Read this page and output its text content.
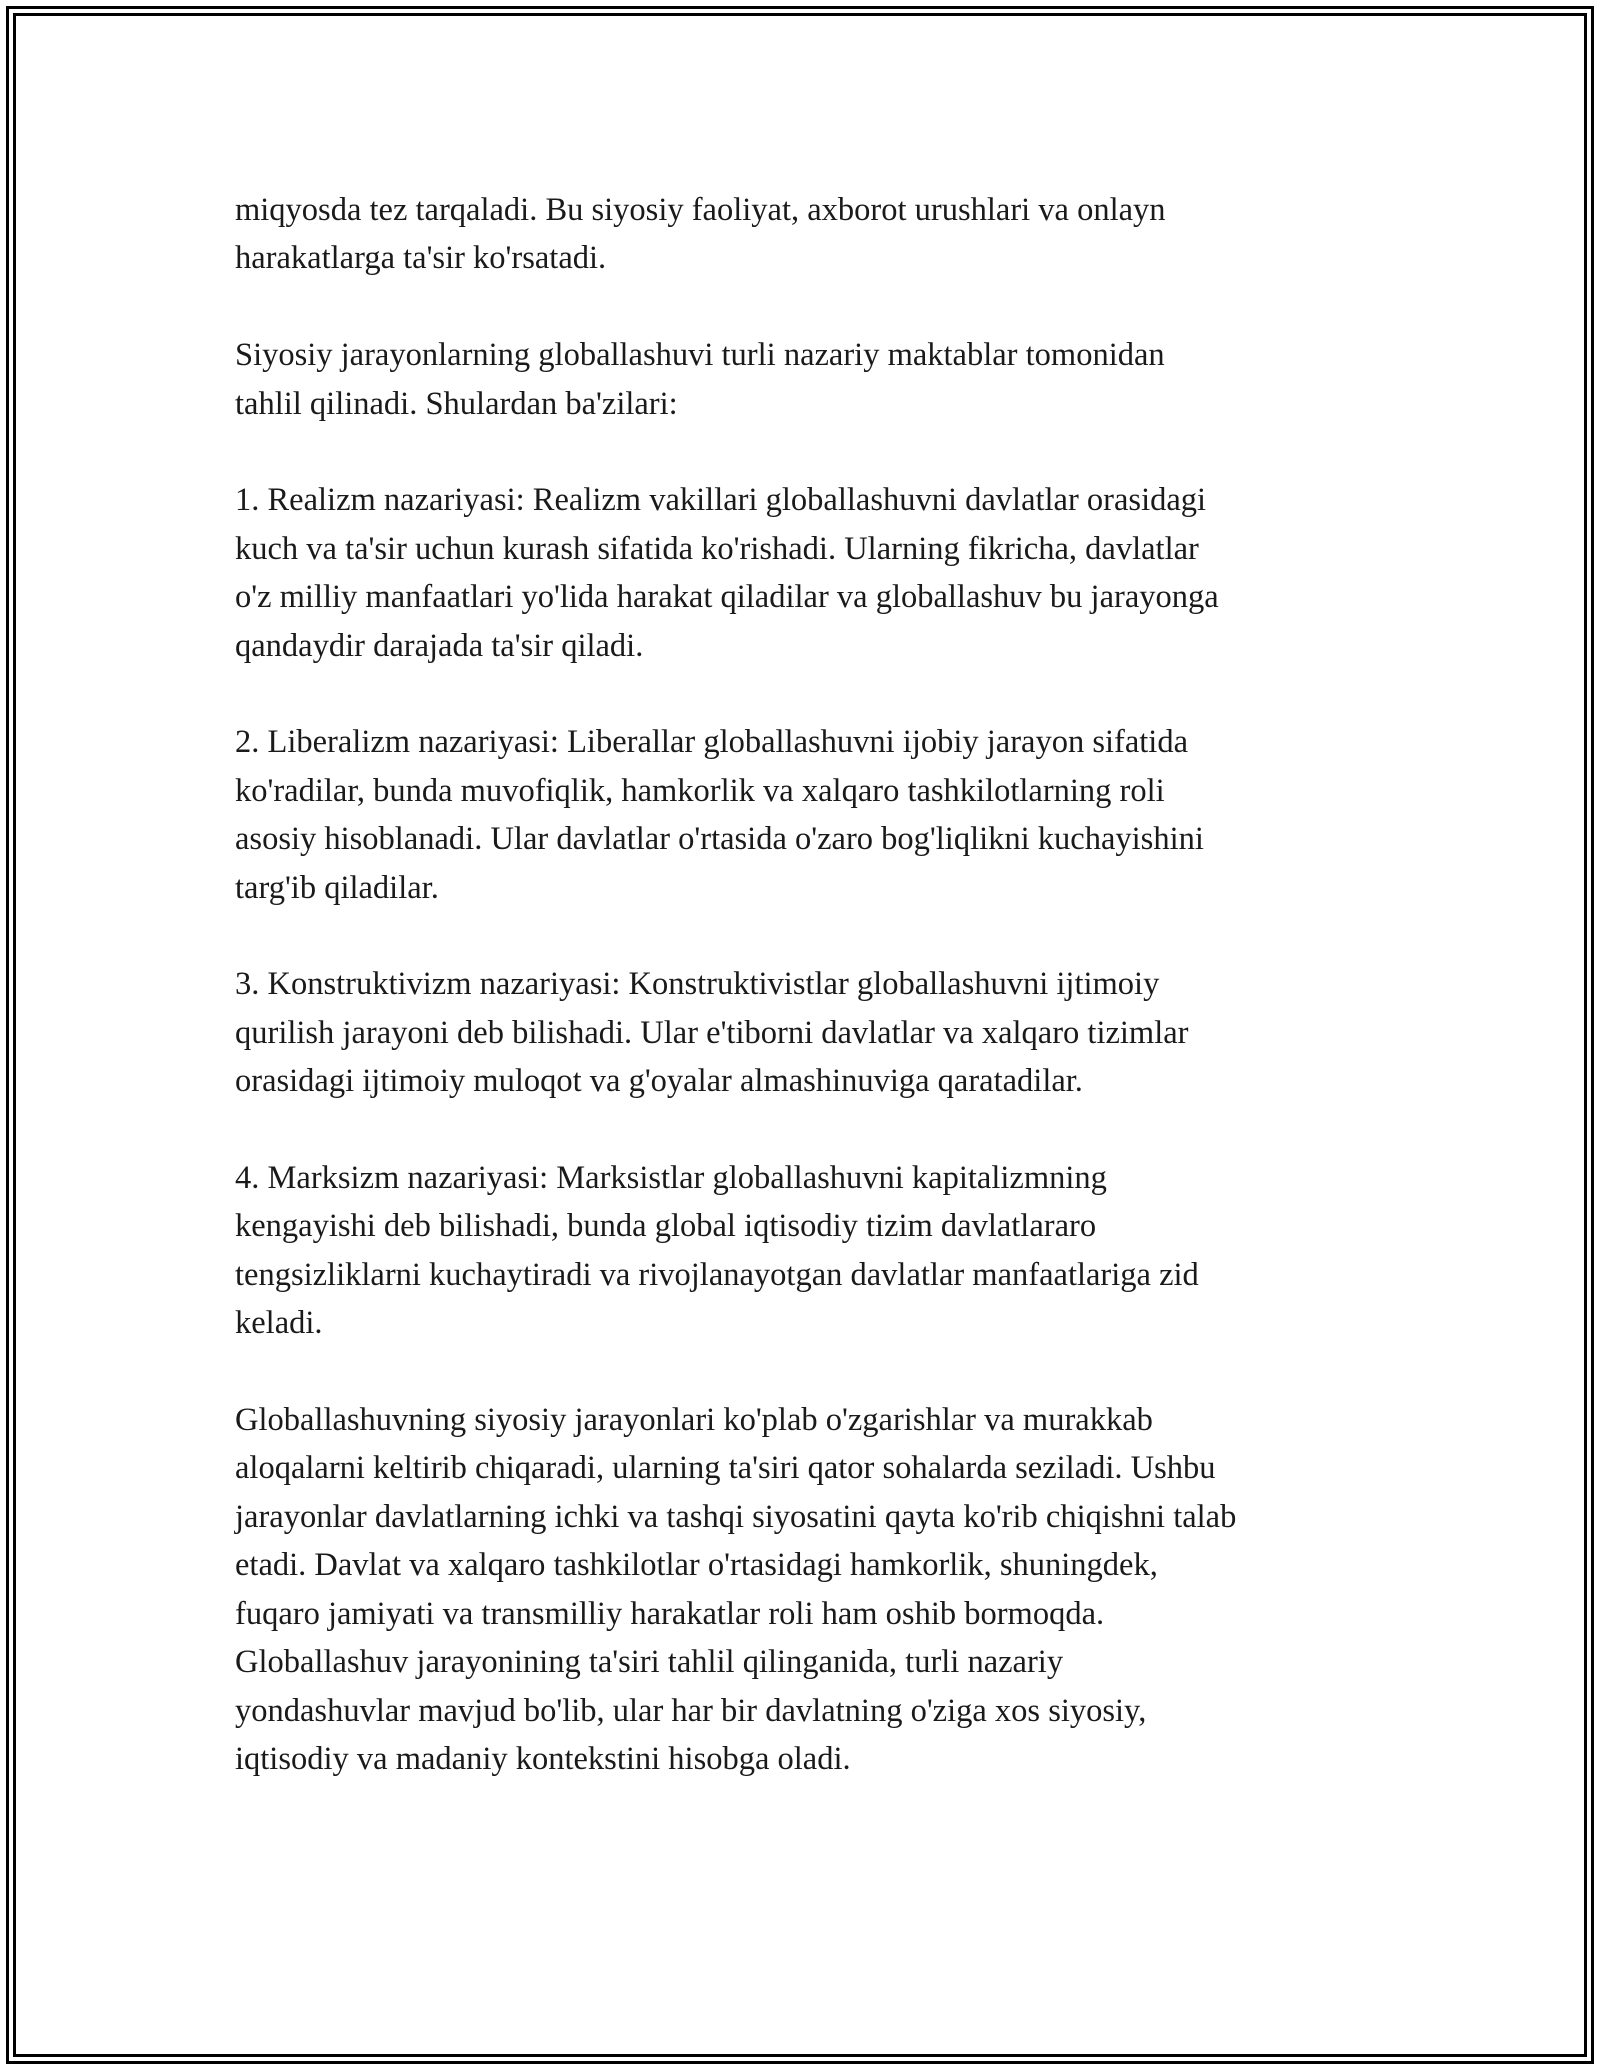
miqyosda tez tarqaladi. Bu siyosiy faoliyat, axborot urushlari va onlayn
harakatlarga ta'sir ko'rsatadi.
Siyosiy jarayonlarning globallashuvi turli nazariy maktablar tomonidan
tahlil qilinadi. Shulardan ba'zilari:
1. Realizm nazariyasi: Realizm vakillari globallashuvni davlatlar orasidagi
kuch va ta'sir uchun kurash sifatida ko'rishadi. Ularning fikricha, davlatlar
o'z milliy manfaatlari yo'lida harakat qiladilar va globallashuv bu jarayonga
qandaydir darajada ta'sir qiladi.
2. Liberalizm nazariyasi: Liberallar globallashuvni ijobiy jarayon sifatida
ko'radilar, bunda muvofiqlik, hamkorlik va xalqaro tashkilotlarning roli
asosiy hisoblanadi. Ular davlatlar o'rtasida o'zaro bog'liqlikni kuchayishini
targ'ib qiladilar.
3. Konstruktivizm nazariyasi: Konstruktivistlar globallashuvni ijtimoiy
qurilish jarayoni deb bilishadi. Ular e'tiborni davlatlar va xalqaro tizimlar
orasidagi ijtimoiy muloqot va g'oyalar almashinuviga qaratadilar.
4. Marksizm nazariyasi: Marksistlar globallashuvni kapitalizmning
kengayishi deb bilishadi, bunda global iqtisodiy tizim davlatlararo
tengsizliklarni kuchaytiradi va rivojlanayotgan davlatlar manfaatlariga zid
keladi.
Globallashuvning siyosiy jarayonlari ko'plab o'zgarishlar va murakkab
aloqalarni keltirib chiqaradi, ularning ta'siri qator sohalarda seziladi. Ushbu
jarayonlar davlatlarning ichki va tashqi siyosatini qayta ko'rib chiqishni talab
etadi. Davlat va xalqaro tashkilotlar o'rtasidagi hamkorlik, shuningdek,
fuqaro jamiyati va transmilliy harakatlar roli ham oshib bormoqda.
Globallashuv jarayonining ta'siri tahlil qilinganida, turli nazariy
yondashuvlar mavjud bo'lib, ular har bir davlatning o'ziga xos siyosiy,
iqtisodiy va madaniy kontekstini hisobga oladi.
